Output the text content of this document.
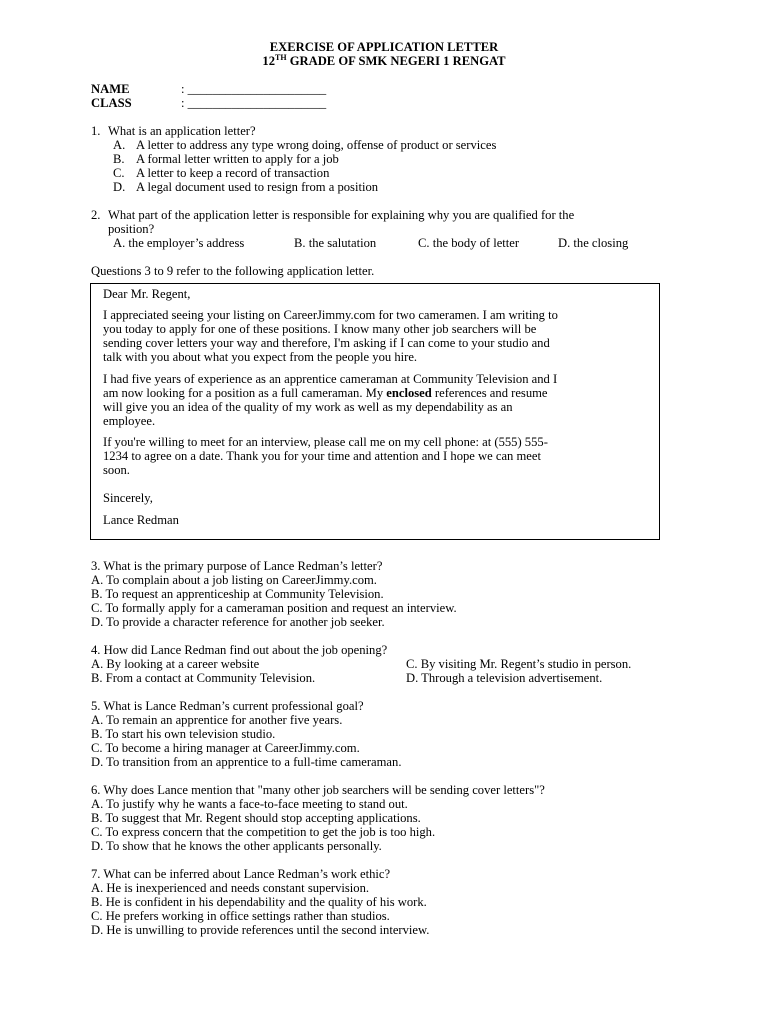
EXERCISE OF APPLICATION LETTER
12TH GRADE OF SMK NEGERI 1 RENGAT
NAME	: ______________________
CLASS	: ______________________
1. What is an application letter?
A. A letter to address any type wrong doing, offense of product or services
B. A formal letter written to apply for a job
C. A letter to keep a record of transaction
D. A legal document used to resign from a position
2. What part of the application letter is responsible for explaining why you are qualified for the
position?
A. the employer’s address	B. the salutation	C. the body of letter	D. the closing
Questions 3 to 9 refer to the following application letter.
Dear Mr. Regent,
I appreciated seeing your listing on CareerJimmy.com for two cameramen. I am writing to
you today to apply for one of these positions. I know many other job searchers will be
sending cover letters your way and therefore, I'm asking if I can come to your studio and
talk with you about what you expect from the people you hire.
I had five years of experience as an apprentice cameraman at Community Television and I
am now looking for a position as a full cameraman. My enclosed references and resume
will give you an idea of the quality of my work as well as my dependability as an
employee.
If you're willing to meet for an interview, please call me on my cell phone: at (555) 555-
1234 to agree on a date. Thank you for your time and attention and I hope we can meet
soon.
Sincerely,
Lance Redman
3. What is the primary purpose of Lance Redman’s letter?
A. To complain about a job listing on CareerJimmy.com.
B. To request an apprenticeship at Community Television.
C. To formally apply for a cameraman position and request an interview.
D. To provide a character reference for another job seeker.
4. How did Lance Redman find out about the job opening?
A. By looking at a career website	C. By visiting Mr. Regent’s studio in person.
B. From a contact at Community Television.	D. Through a television advertisement.
5. What is Lance Redman’s current professional goal?
A. To remain an apprentice for another five years.
B. To start his own television studio.
C. To become a hiring manager at CareerJimmy.com.
D. To transition from an apprentice to a full-time cameraman.
6. Why does Lance mention that "many other job searchers will be sending cover letters"?
A. To justify why he wants a face-to-face meeting to stand out.
B. To suggest that Mr. Regent should stop accepting applications.
C. To express concern that the competition to get the job is too high.
D. To show that he knows the other applicants personally.
7. What can be inferred about Lance Redman’s work ethic?
A. He is inexperienced and needs constant supervision.
B. He is confident in his dependability and the quality of his work.
C. He prefers working in office settings rather than studios.
D. He is unwilling to provide references until the second interview.
